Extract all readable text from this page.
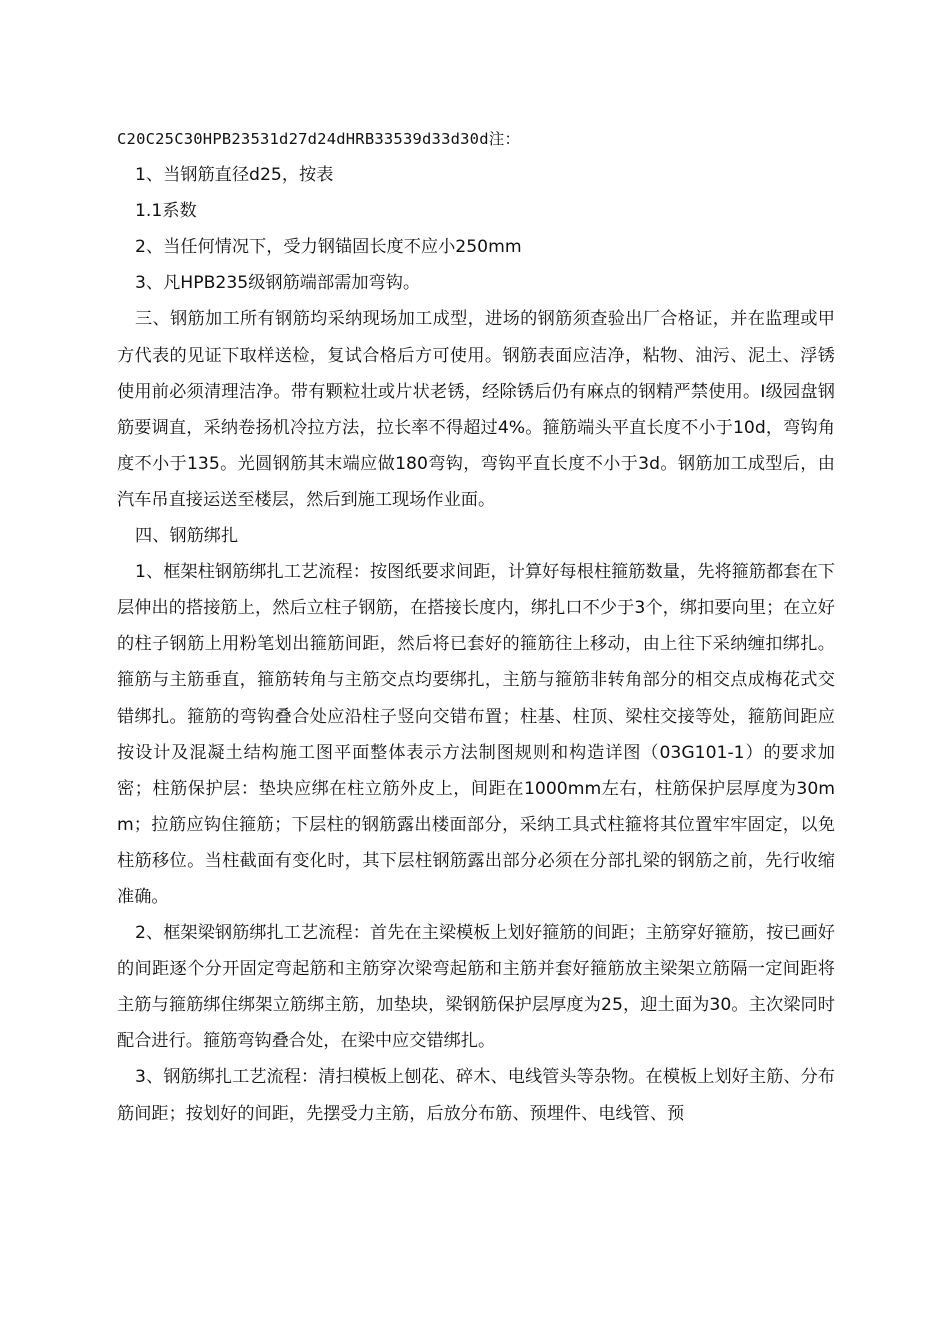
C20C25C30HPB23531d27d24dHRB33539d33d30d注：

1、当钢筋直径d25，按表

1.1系数

2、当任何情况下，受力钢锚固长度不应小250mm

3、凡HPB235级钢筋端部需加弯钩。

三、钢筋加工所有钢筋均采纳现场加工成型，进场的钢筋须查验出厂合格证，并在监理或甲方代表的见证下取样送检，复试合格后方可使用。钢筋表面应洁净，粘物、油污、泥土、浮锈使用前必须清理洁净。带有颗粒壮或片状老锈，经除锈后仍有麻点的钢精严禁使用。Ⅰ级园盘钢筋要调直，采纳卷扬机冷拉方法，拉长率不得超过4%。箍筋端头平直长度不小于10d，弯钩角度不小于135。光圆钢筋其末端应做180弯钩，弯钩平直长度不小于3d。钢筋加工成型后，由汽车吊直接运送至楼层，然后到施工现场作业面。

四、钢筋绑扎

1、框架柱钢筋绑扎工艺流程：按图纸要求间距，计算好每根柱箍筋数量，先将箍筋都套在下层伸出的搭接筋上，然后立柱子钢筋，在搭接长度内，绑扎口不少于3个，绑扣要向里；在立好的柱子钢筋上用粉笔划出箍筋间距，然后将已套好的箍筋往上移动，由上往下采纳缠扣绑扎。箍筋与主筋垂直，箍筋转角与主筋交点均要绑扎，主筋与箍筋非转角部分的相交点成梅花式交错绑扎。箍筋的弯钩叠合处应沿柱子竖向交错布置；柱基、柱顶、梁柱交接等处，箍筋间距应按设计及混凝土结构施工图平面整体表示方法制图规则和构造详图（03G101-1）的要求加密；柱筋保护层：垫块应绑在柱立筋外皮上，间距在1000mm左右，柱筋保护层厚度为30mm；拉筋应钩住箍筋；下层柱的钢筋露出楼面部分，采纳工具式柱箍将其位置牢牢固定，以免柱筋移位。当柱截面有变化时，其下层柱钢筋露出部分必须在分部扎梁的钢筋之前，先行收缩准确。

2、框架梁钢筋绑扎工艺流程：首先在主梁模板上划好箍筋的间距；主筋穿好箍筋，按已画好的间距逐个分开固定弯起筋和主筋穿次梁弯起筋和主筋并套好箍筋放主梁架立筋隔一定间距将主筋与箍筋绑住绑架立筋绑主筋，加垫块，梁钢筋保护层厚度为25，迎土面为30。主次梁同时配合进行。箍筋弯钩叠合处，在梁中应交错绑扎。

3、钢筋绑扎工艺流程：清扫模板上刨花、碎木、电线管头等杂物。在模板上划好主筋、分布筋间距；按划好的间距，先摆受力主筋，后放分布筋、预埋件、电线管、预
